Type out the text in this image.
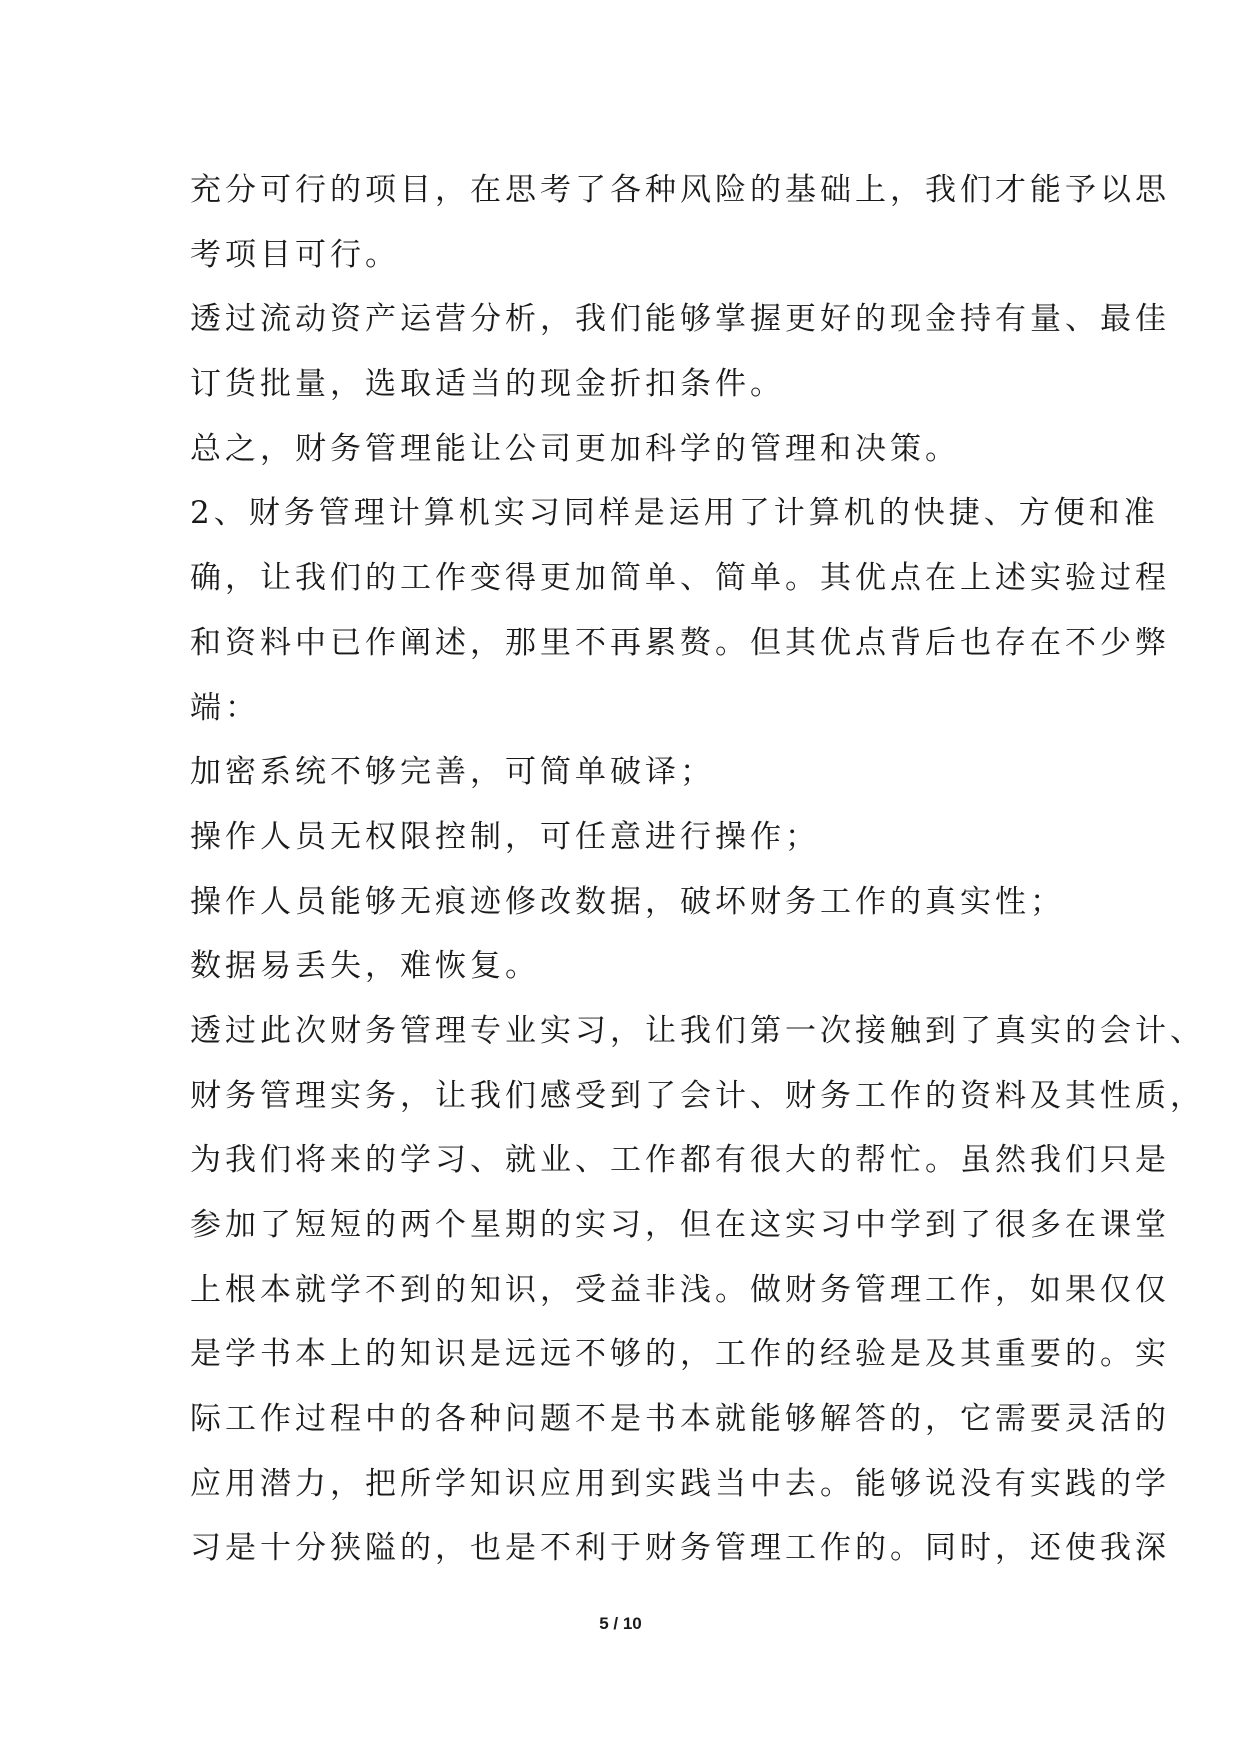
充分可行的项目，在思考了各种风险的基础上，我们才能予以思
考项目可行。
透过流动资产运营分析，我们能够掌握更好的现金持有量、最佳
订货批量，选取适当的现金折扣条件。
总之，财务管理能让公司更加科学的管理和决策。
2、财务管理计算机实习同样是运用了计算机的快捷、方便和准
确，让我们的工作变得更加简单、简单。其优点在上述实验过程
和资料中已作阐述，那里不再累赘。但其优点背后也存在不少弊
端：
加密系统不够完善，可简单破译；
操作人员无权限控制，可任意进行操作；
操作人员能够无痕迹修改数据，破坏财务工作的真实性；
数据易丢失，难恢复。
透过此次财务管理专业实习，让我们第一次接触到了真实的会计、
财务管理实务，让我们感受到了会计、财务工作的资料及其性质，
为我们将来的学习、就业、工作都有很大的帮忙。虽然我们只是
参加了短短的两个星期的实习，但在这实习中学到了很多在课堂
上根本就学不到的知识，受益非浅。做财务管理工作，如果仅仅
是学书本上的知识是远远不够的，工作的经验是及其重要的。实
际工作过程中的各种问题不是书本就能够解答的，它需要灵活的
应用潜力，把所学知识应用到实践当中去。能够说没有实践的学
习是十分狭隘的，也是不利于财务管理工作的。同时，还使我深
5 / 10
